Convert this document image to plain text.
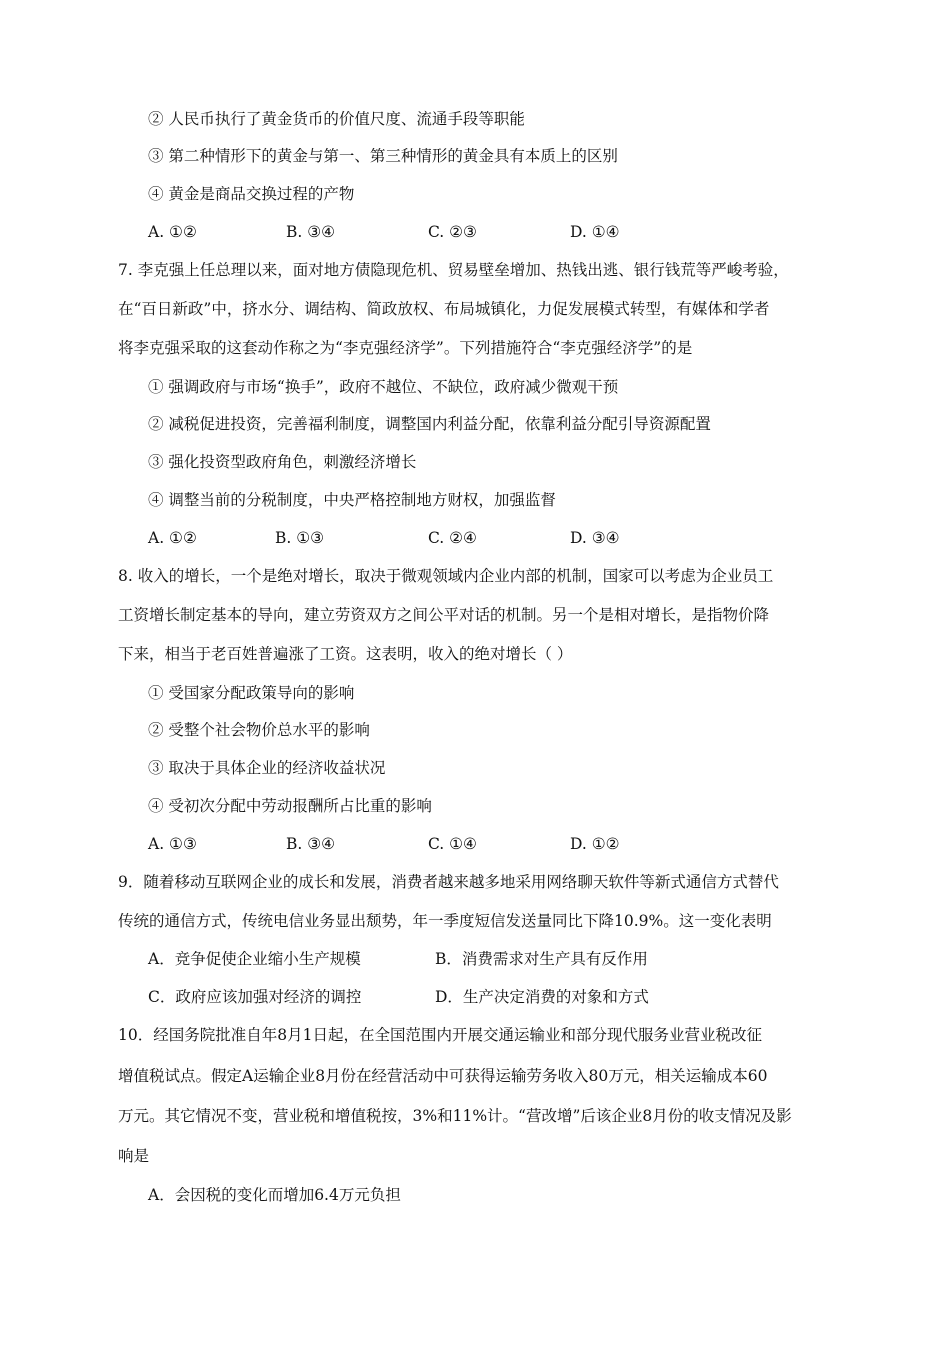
② 人民币执行了黄金货币的价值尺度、流通手段等职能
③ 第二种情形下的黄金与第一、第三种情形的黄金具有本质上的区别
④ 黄金是商品交换过程的产物
A. ①②	B. ③④	C. ②③	D. ①④
7. 李克强上任总理以来，面对地方债隐现危机、贸易壁垒增加、热钱出逃、银行钱荒等严峻考验，
在“百日新政”中，挤水分、调结构、简政放权、布局城镇化，力促发展模式转型，有媒体和学者
将李克强采取的这套动作称之为“李克强经济学”。下列措施符合“李克强经济学”的是
① 强调政府与市场“换手”，政府不越位、不缺位，政府减少微观干预
② 减税促进投资，完善福利制度，调整国内利益分配，依靠利益分配引导资源配置
③ 强化投资型政府角色，刺激经济增长
④ 调整当前的分税制度，中央严格控制地方财权，加强监督
A. ①②	B. ①③	C. ②④	D. ③④
8. 收入的增长，一个是绝对增长，取决于微观领域内企业内部的机制，国家可以考虑为企业员工
工资增长制定基本的导向，建立劳资双方之间公平对话的机制。另一个是相对增长，是指物价降
下来，相当于老百姓普遍涨了工资。这表明，收入的绝对增长（ ）
① 受国家分配政策导向的影响
② 受整个社会物价总水平的影响
③ 取决于具体企业的经济收益状况
④ 受初次分配中劳动报酬所占比重的影响
A. ①③	B. ③④	C. ①④	D. ①②
9．随着移动互联网企业的成长和发展，消费者越来越多地采用网络聊天软件等新式通信方式替代
传统的通信方式，传统电信业务显出颓势，年一季度短信发送量同比下降10.9%。这一变化表明
A．竞争促使企业缩小生产规模	B．消费需求对生产具有反作用
C．政府应该加强对经济的调控	D．生产决定消费的对象和方式
10．经国务院批准自年8月1日起，在全国范围内开展交通运输业和部分现代服务业营业税改征
增值税试点。假定A运输企业8月份在经营活动中可获得运输劳务收入80万元，相关运输成本60
万元。其它情况不变，营业税和增值税按，3%和11%计。“营改增”后该企业8月份的收支情况及影
响是
A．会因税的变化而增加6.4万元负担
